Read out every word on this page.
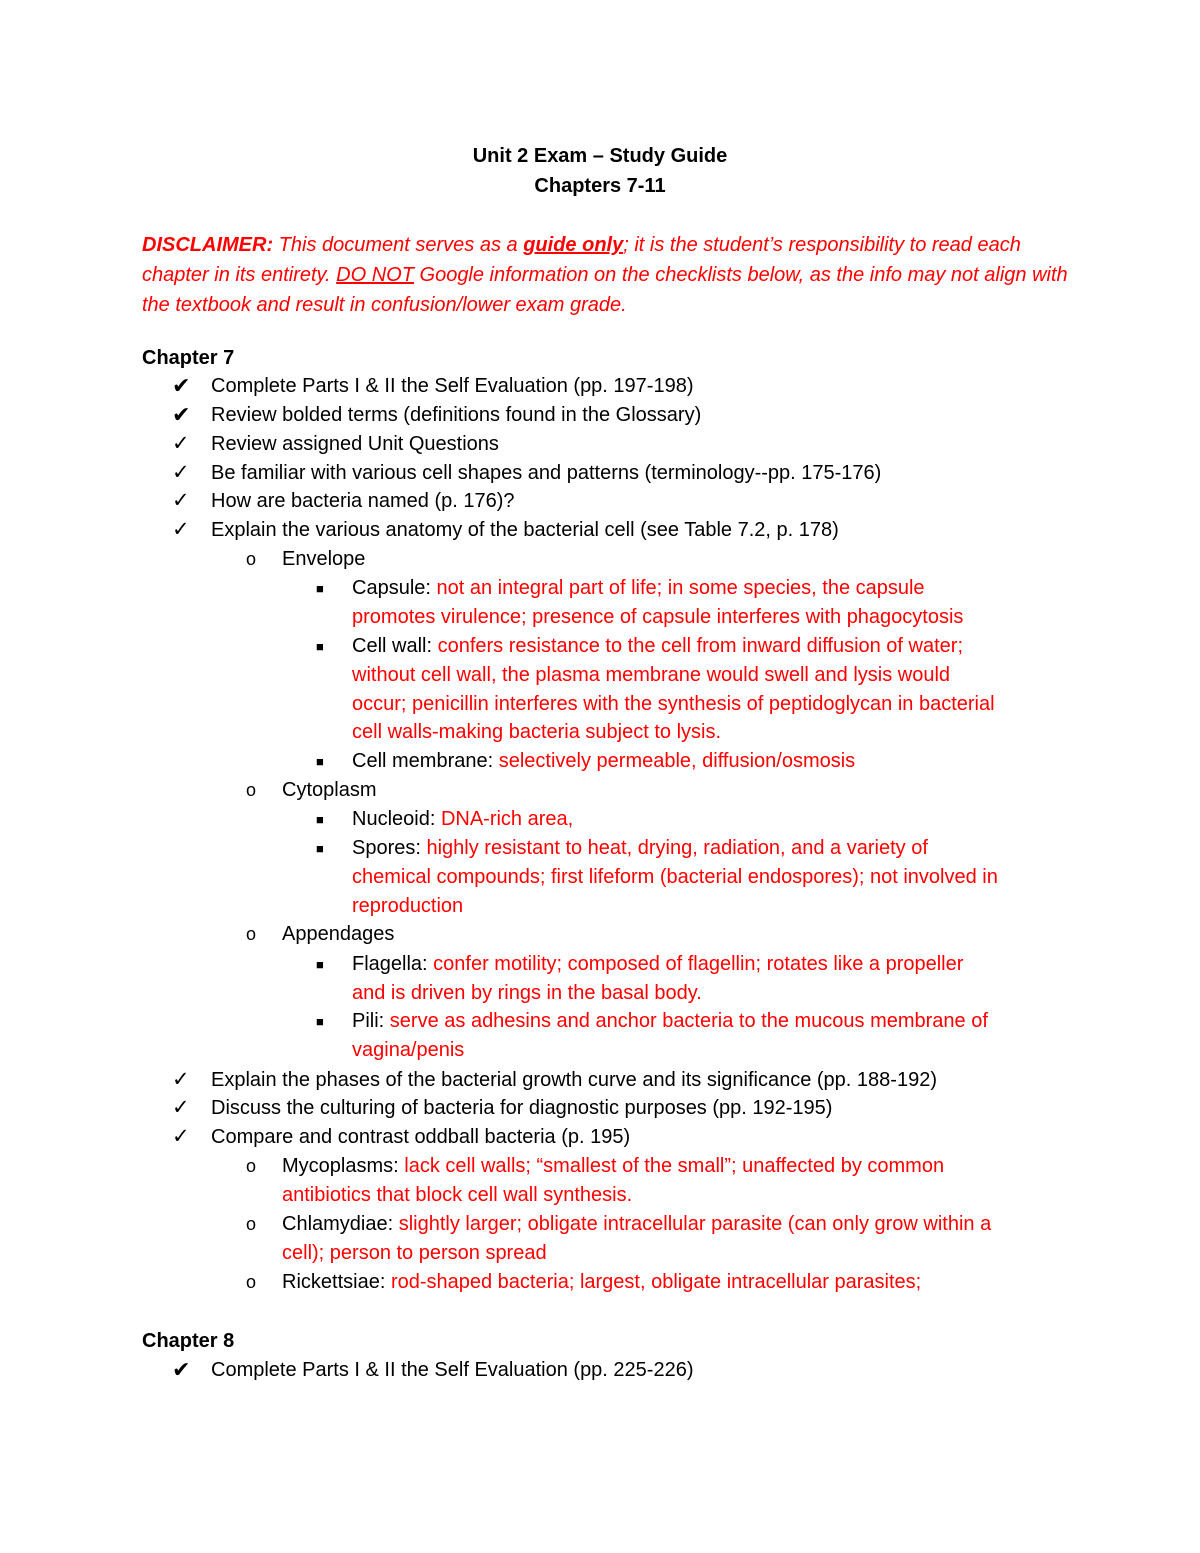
Unit 2 Exam – Study Guide
Chapters 7-11
DISCLAIMER: This document serves as a guide only; it is the student’s responsibility to read each chapter in its entirety. DO NOT Google information on the checklists below, as the info may not align with the textbook and result in confusion/lower exam grade.
Chapter 7
✔ Complete Parts I & II the Self Evaluation (pp. 197-198)
✔ Review bolded terms (definitions found in the Glossary)
✓ Review assigned Unit Questions
✓ Be familiar with various cell shapes and patterns (terminology--pp. 175-176)
✓ How are bacteria named (p. 176)?
✓ Explain the various anatomy of the bacterial cell (see Table 7.2, p. 178)
o Envelope
■ Capsule: not an integral part of life; in some species, the capsule
promotes virulence; presence of capsule interferes with phagocytosis
■ Cell wall: confers resistance to the cell from inward diffusion of water;
without cell wall, the plasma membrane would swell and lysis would
occur; penicillin interferes with the synthesis of peptidoglycan in bacterial
cell walls-making bacteria subject to lysis.
■ Cell membrane: selectively permeable, diffusion/osmosis
o Cytoplasm
■ Nucleoid: DNA-rich area,
■ Spores: highly resistant to heat, drying, radiation, and a variety of
chemical compounds; first lifeform (bacterial endospores); not involved in
reproduction
o Appendages
■ Flagella: confer motility; composed of flagellin; rotates like a propeller
and is driven by rings in the basal body.
■ Pili: serve as adhesins and anchor bacteria to the mucous membrane of
vagina/penis
✓ Explain the phases of the bacterial growth curve and its significance (pp. 188-192)
✓ Discuss the culturing of bacteria for diagnostic purposes (pp. 192-195)
✓ Compare and contrast oddball bacteria (p. 195)
o Mycoplasms: lack cell walls; “smallest of the small”; unaffected by common
antibiotics that block cell wall synthesis.
o Chlamydiae: slightly larger; obligate intracellular parasite (can only grow within a
cell); person to person spread
o Rickettsiae: rod-shaped bacteria; largest, obligate intracellular parasites;
Chapter 8
✔ Complete Parts I & II the Self Evaluation (pp. 225-226)
